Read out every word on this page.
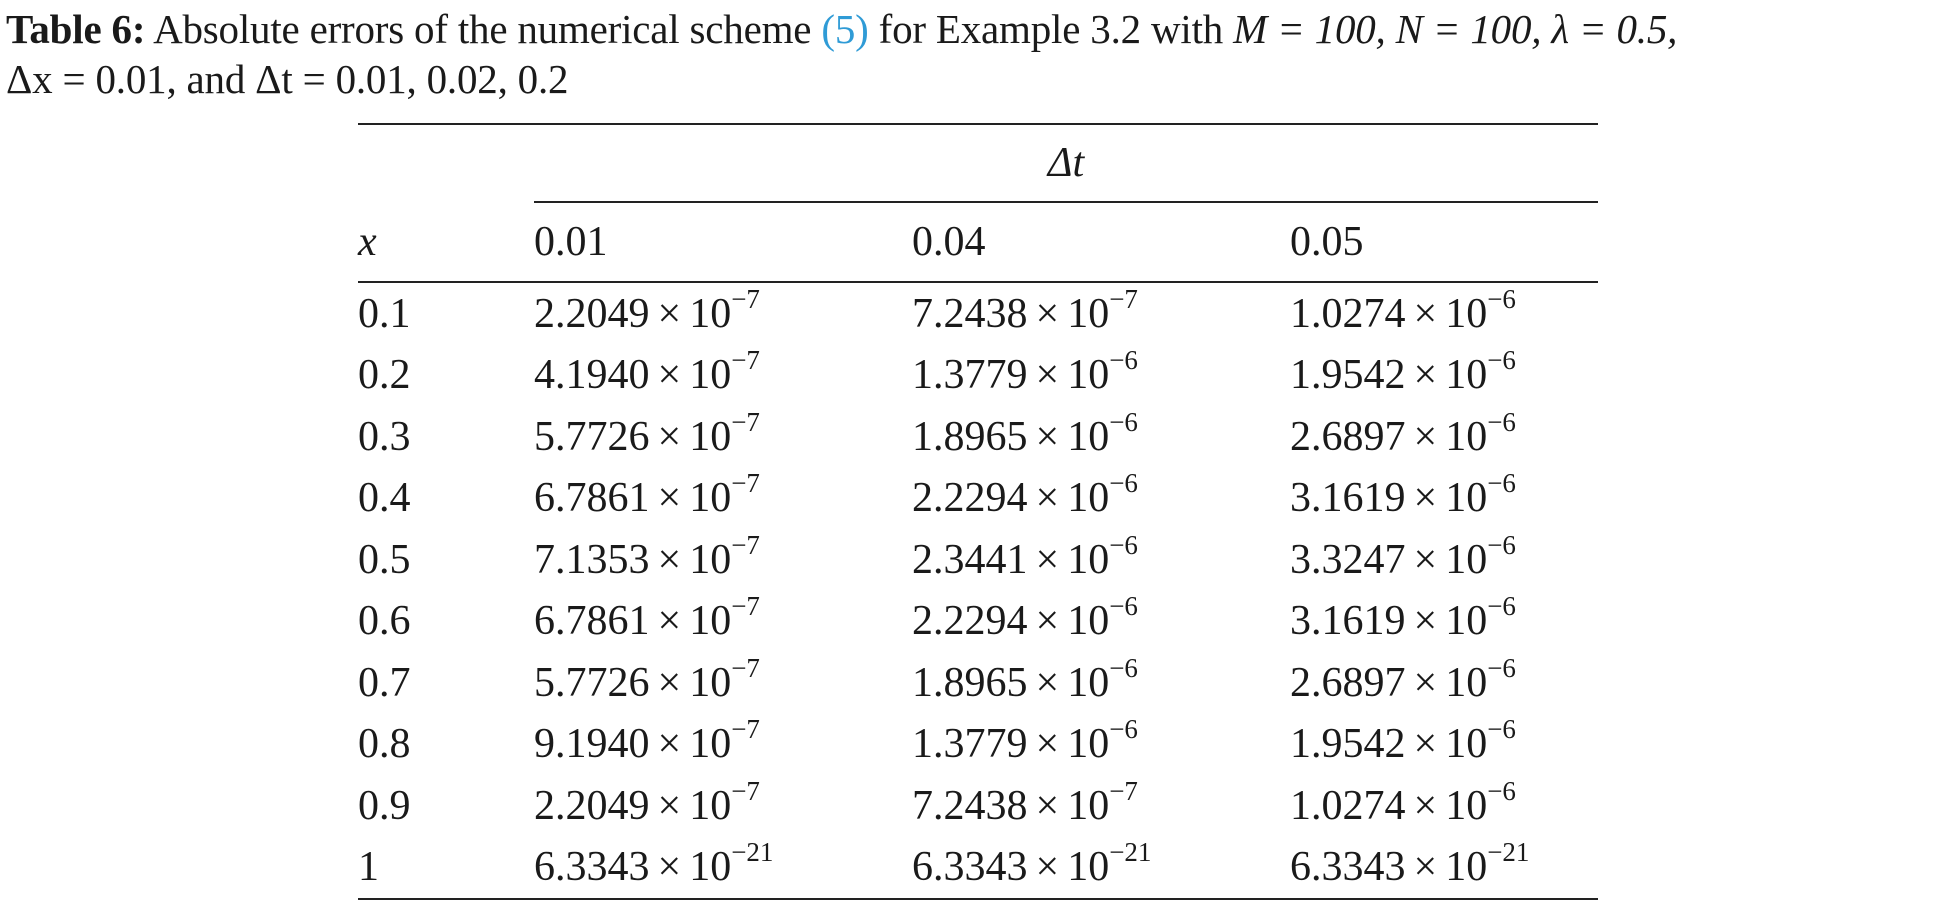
Table 6: Absolute errors of the numerical scheme (5) for Example 3.2 with M = 100, N = 100, λ = 0.5,
Δx = 0.01, and Δt = 0.01, 0.02, 0.2
	Δt		
x	0.01	0.04	0.05
0.1	$2.2049 \times 10^{-7}$	$7.2438 \times 10^{-7}$	$1.0274 \times 10^{-6}$
0.2	$4.1940 \times 10^{-7}$	$1.3779 \times 10^{-6}$	$1.9542 \times 10^{-6}$
0.3	$5.7726 \times 10^{-7}$	$1.8965 \times 10^{-6}$	$2.6897 \times 10^{-6}$
0.4	$6.7861 \times 10^{-7}$	$2.2294 \times 10^{-6}$	$3.1619 \times 10^{-6}$
0.5	$7.1353 \times 10^{-7}$	$2.3441 \times 10^{-6}$	$3.3247 \times 10^{-6}$
0.6	$6.7861 \times 10^{-7}$	$2.2294 \times 10^{-6}$	$3.1619 \times 10^{-6}$
0.7	$5.7726 \times 10^{-7}$	$1.8965 \times 10^{-6}$	$2.6897 \times 10^{-6}$
0.8	$9.1940 \times 10^{-7}$	$1.3779 \times 10^{-6}$	$1.9542 \times 10^{-6}$
0.9	$2.2049 \times 10^{-7}$	$7.2438 \times 10^{-7}$	$1.0274 \times 10^{-6}$
1	$6.3343 \times 10^{-21}$	$6.3343 \times 10^{-21}$	$6.3343 \times 10^{-21}$
